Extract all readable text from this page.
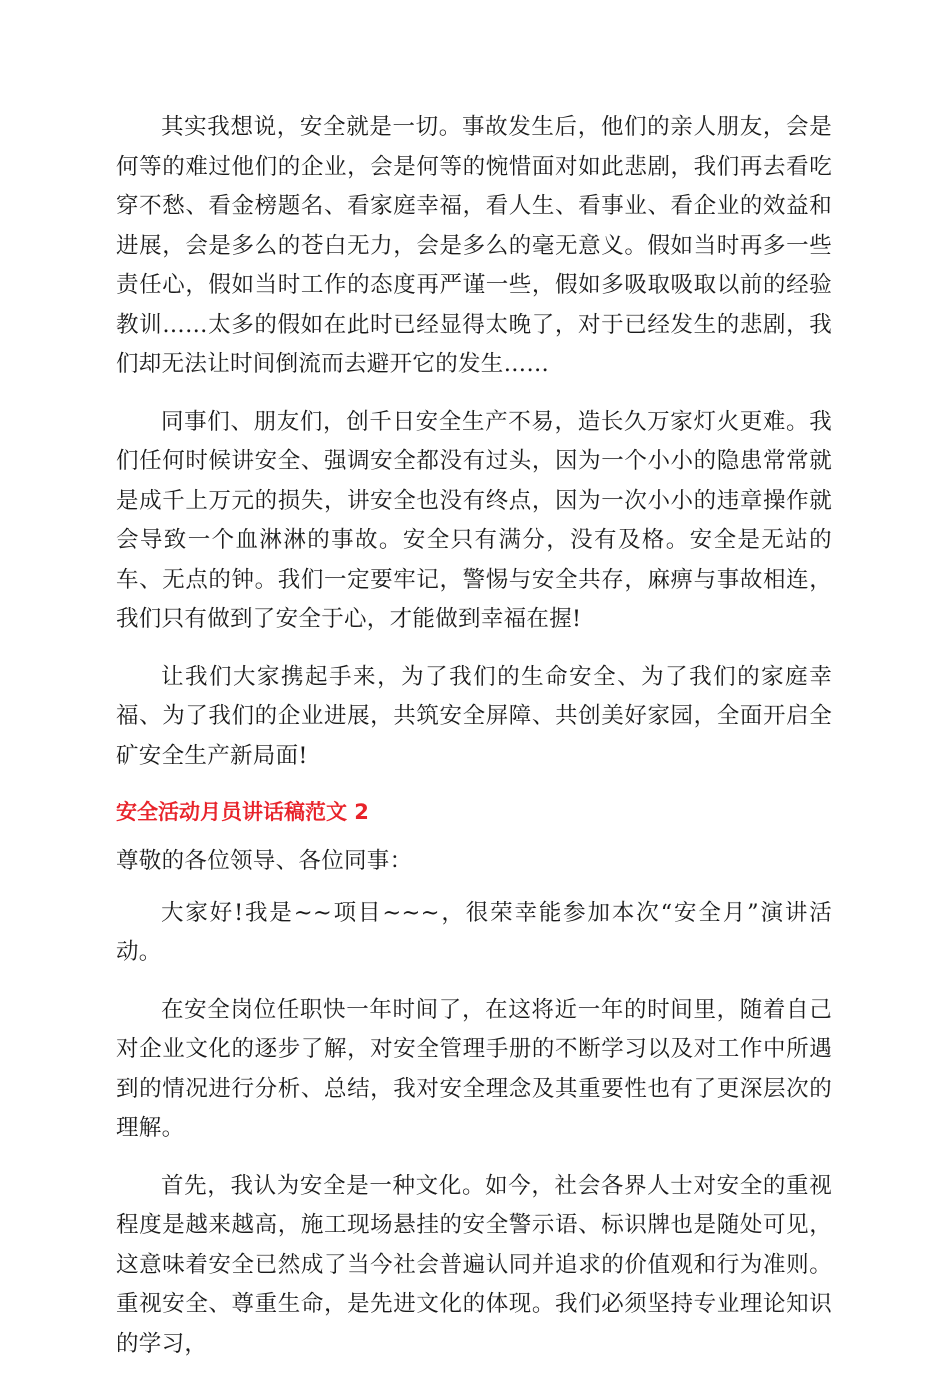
其实我想说，安全就是一切。事故发生后，他们的亲人朋友，会是何等的难过他们的企业，会是何等的惋惜面对如此悲剧，我们再去看吃穿不愁、看金榜题名、看家庭幸福，看人生、看事业、看企业的效益和进展，会是多么的苍白无力，会是多么的毫无意义。假如当时再多一些责任心，假如当时工作的态度再严谨一些，假如多吸取吸取以前的经验教训……太多的假如在此时已经显得太晚了，对于已经发生的悲剧，我们却无法让时间倒流而去避开它的发生……

同事们、朋友们，创千日安全生产不易，造长久万家灯火更难。我们任何时候讲安全、强调安全都没有过头，因为一个小小的隐患常常就是成千上万元的损失，讲安全也没有终点，因为一次小小的违章操作就会导致一个血淋淋的事故。安全只有满分，没有及格。安全是无站的车、无点的钟。我们一定要牢记，警惕与安全共存，麻痹与事故相连，我们只有做到了安全于心，才能做到幸福在握!

让我们大家携起手来，为了我们的生命安全、为了我们的家庭幸福、为了我们的企业进展，共筑安全屏障、共创美好家园，全面开启全矿安全生产新局面!

安全活动月员讲话稿范文 2

尊敬的各位领导、各位同事：

大家好!我是~~项目~~~，很荣幸能参加本次“安全月”演讲活动。

在安全岗位任职快一年时间了，在这将近一年的时间里，随着自己对企业文化的逐步了解，对安全管理手册的不断学习以及对工作中所遇到的情况进行分析、总结，我对安全理念及其重要性也有了更深层次的理解。

首先，我认为安全是一种文化。如今，社会各界人士对安全的重视程度是越来越高，施工现场悬挂的安全警示语、标识牌也是随处可见，这意味着安全已然成了当今社会普遍认同并追求的价值观和行为准则。重视安全、尊重生命，是先进文化的体现。我们必须坚持专业理论知识的学习，
